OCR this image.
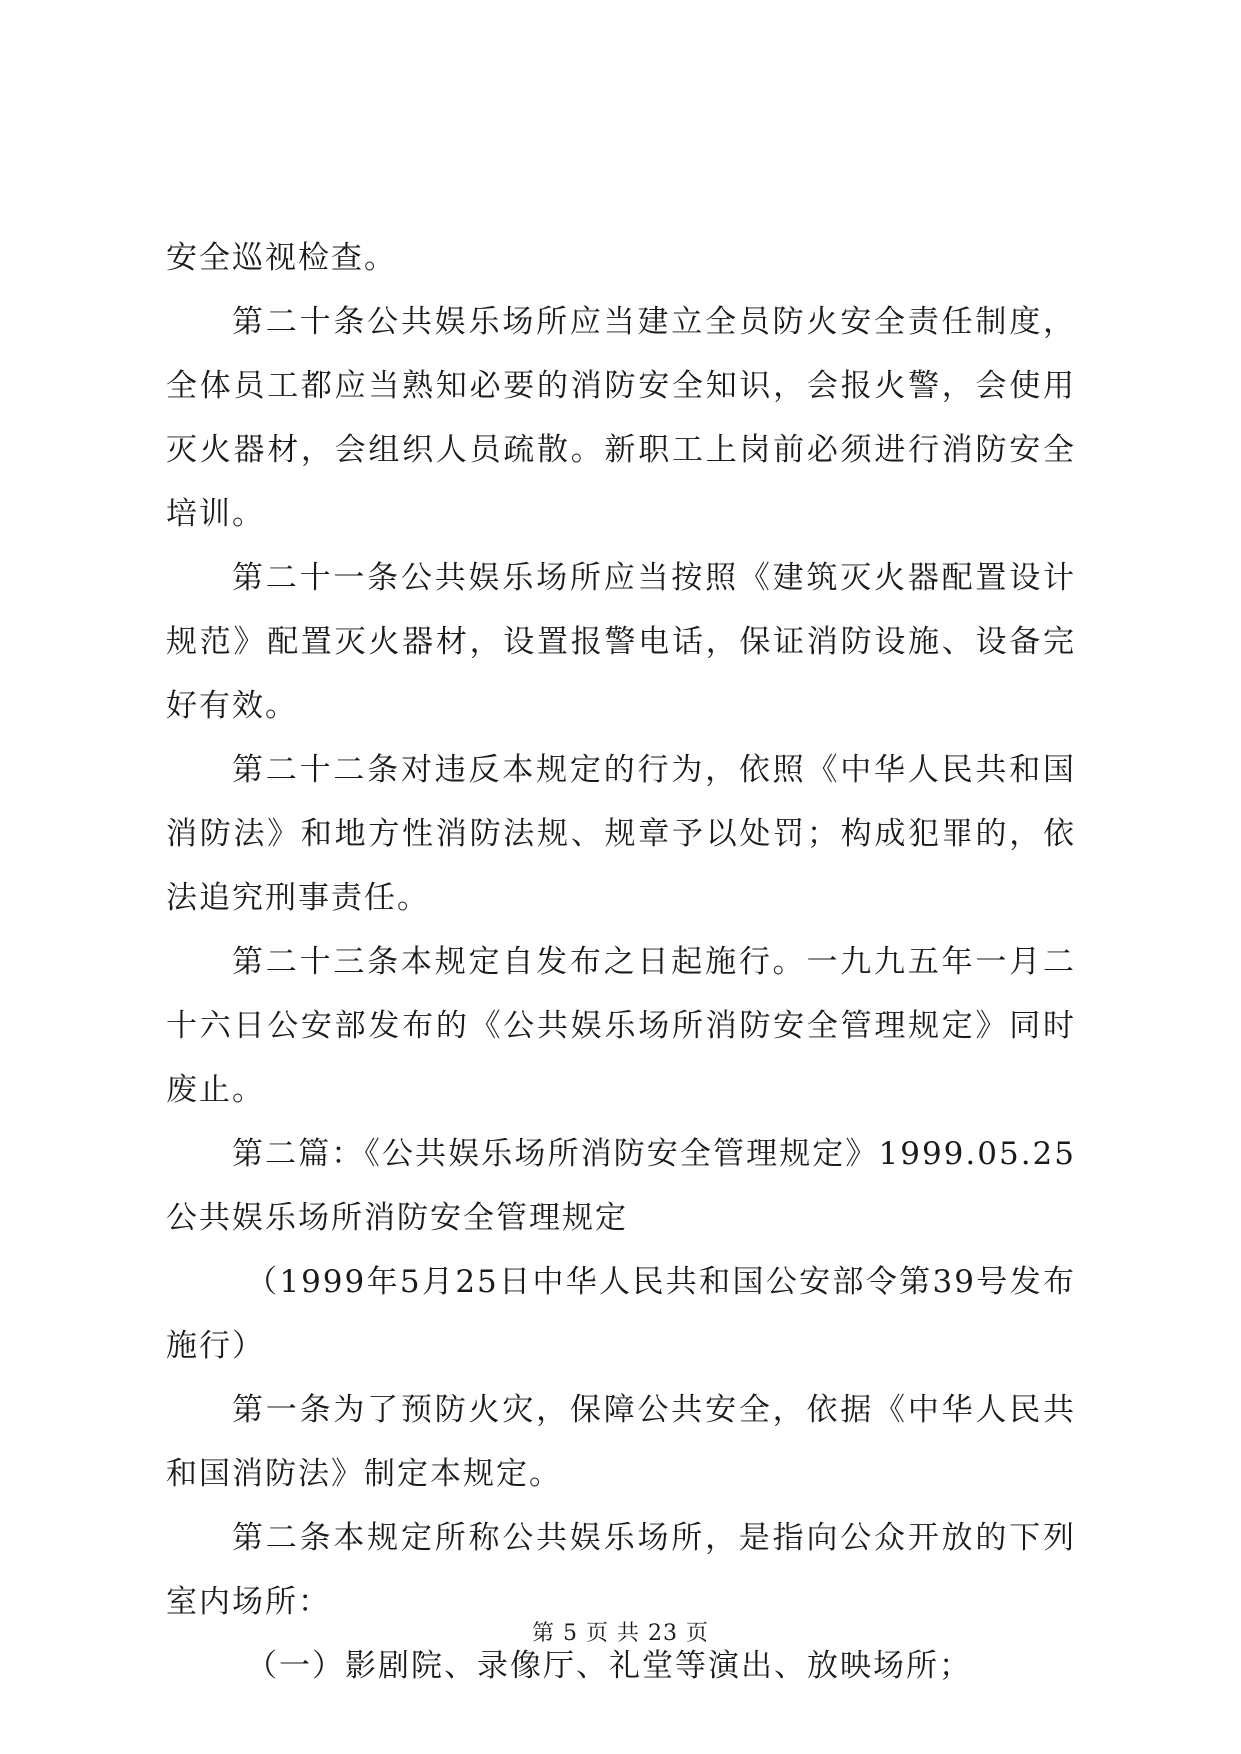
安全巡视检查。

第二十条公共娱乐场所应当建立全员防火安全责任制度，全体员工都应当熟知必要的消防安全知识，会报火警，会使用灭火器材，会组织人员疏散。新职工上岗前必须进行消防安全培训。

第二十一条公共娱乐场所应当按照《建筑灭火器配置设计规范》配置灭火器材，设置报警电话，保证消防设施、设备完好有效。

第二十二条对违反本规定的行为，依照《中华人民共和国消防法》和地方性消防法规、规章予以处罚；构成犯罪的，依法追究刑事责任。

第二十三条本规定自发布之日起施行。一九九五年一月二十六日公安部发布的《公共娱乐场所消防安全管理规定》同时废止。

第二篇：《公共娱乐场所消防安全管理规定》1999.05.25公共娱乐场所消防安全管理规定

（1999年5月25日中华人民共和国公安部令第39号发布施行）

第一条为了预防火灾，保障公共安全，依据《中华人民共和国消防法》制定本规定。

第二条本规定所称公共娱乐场所，是指向公众开放的下列室内场所：

（一）影剧院、录像厅、礼堂等演出、放映场所；

第 5 页 共 23 页
